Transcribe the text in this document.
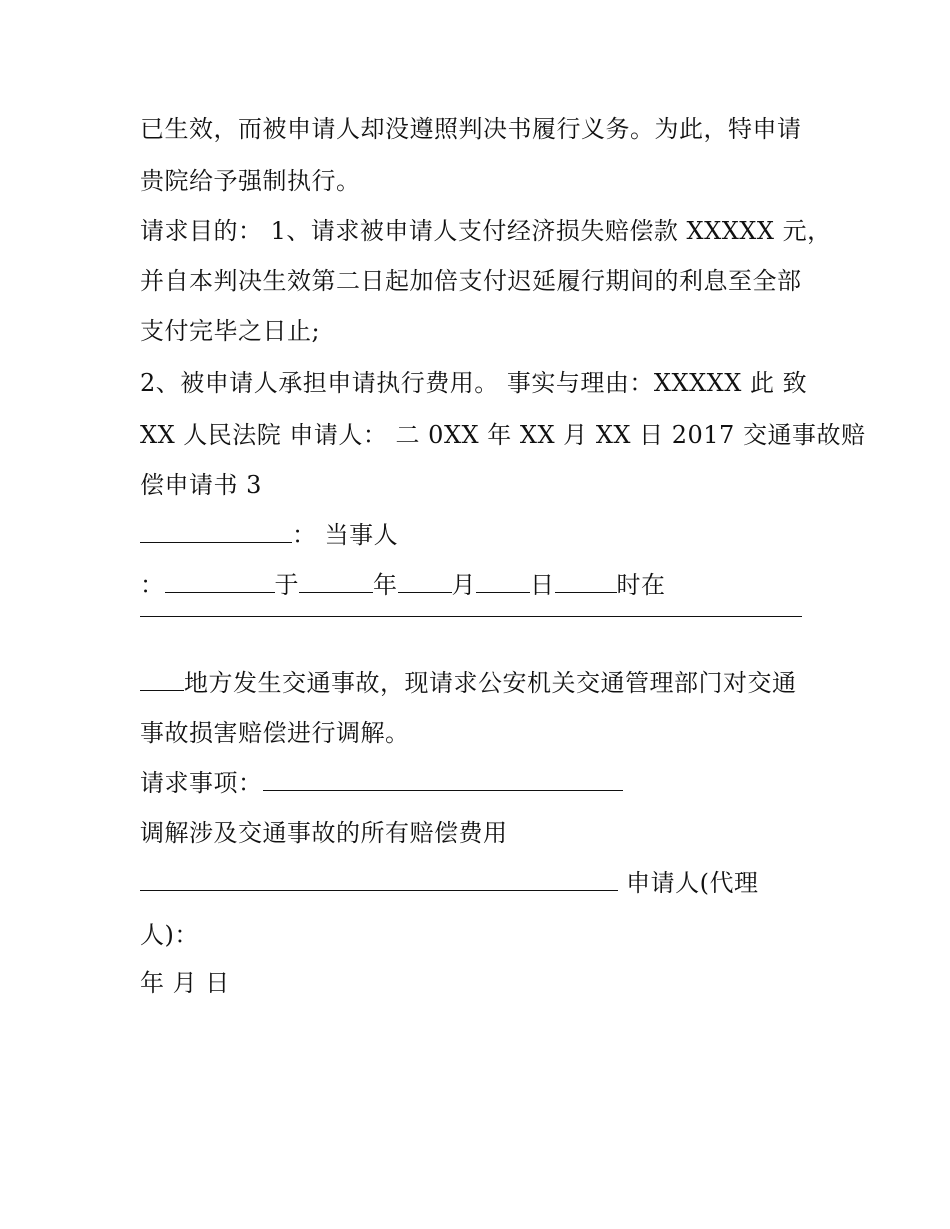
已生效，而被申请人却没遵照判决书履行义务。为此，特申请
贵院给予强制执行。
请求目的： 1、请求被申请人支付经济损失赔偿款 XXXXX 元，
并自本判决生效第二日起加倍支付迟延履行期间的利息至全部
支付完毕之日止;
2、被申请人承担申请执行费用。 事实与理由：XXXXX 此 致
XX 人民法院 申请人： 二 0XX 年 XX 月 XX 日 2017 交通事故赔
偿申请书 3
： 当事人
：	于	年 月 日	时在
地方发生交通事故，现请求公安机关交通管理部门对交通
事故损害赔偿进行调解。
请求事项：
调解涉及交通事故的所有赔偿费用
申请人(代理
人)：
年 月 日
